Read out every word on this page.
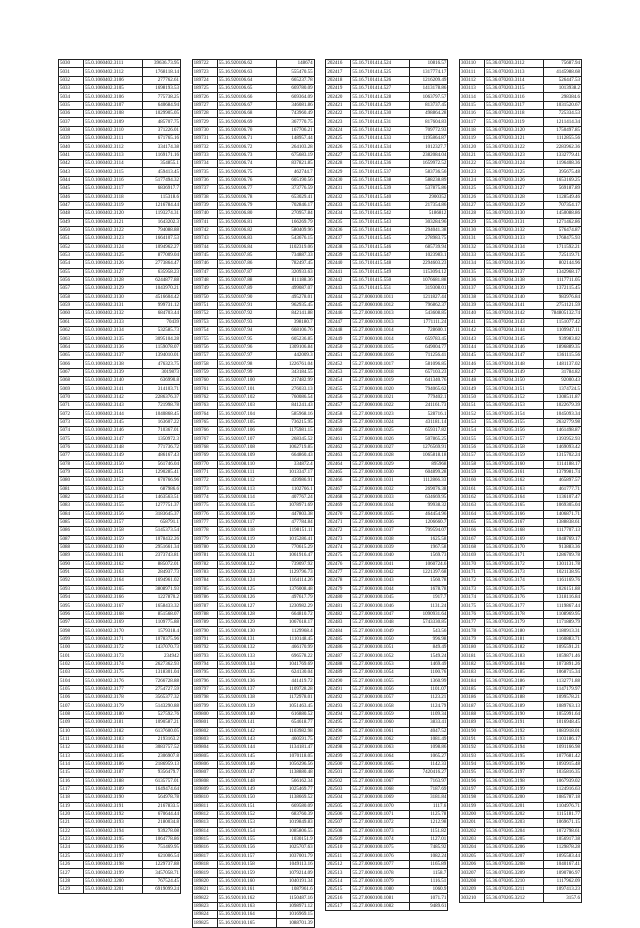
5030	55.0.1060402.3111	39636.73.95
5031	55.0.1060402.3112	1768118.14
5032	55.0.1060402.3106	277762.61
5033	55.0.1060402.3105	1698193.53
5034	55.0.1060402.3106	775738.25
5035	55.0.1060402.3107	640684.94
5036	55.0.1060402.3108	1029905.05
5037	55.0.1060402.3109	485707.75
5038	55.0.1060402.3110	371226.01
5039	55.0.1060402.3111	671765.16
5040	55.0.1060402.3112	334174.38
5041	55.0.1060402.3113	1169171.16
5042	55.0.1060402.3114	354855.1
5043	55.0.1060402.3115	459413.45
5044	55.0.1060402.3116	5177494.32
5045	55.0.1060402.3117	6836917.7
5046	55.0.1060402.3118	115318.6
5047	55.0.1060402.3119	1216784.44
5048	55.0.1060402.3120	1193274.31
5049	55.0.1060402.3121	1643202.3
5050	55.0.1060402.3122	794088.88
5051	55.0.1060402.3123	1664107.53
5052	55.0.1060402.3124	1094962.27
5053	55.0.1060402.3125	877009.04
5054	55.0.1060402.3126	2773864.47
5055	55.0.1060402.3127	635958.23
5056	55.0.1060402.3128	6244877.88
5057	55.0.1060402.3129	1043970.21
5058	55.0.1060402.3130	4516604.42
5059	55.0.1060402.3131	999731.12
5060	55.0.1060402.3132	684703.44
5061	55.0.1060402.3133	70439
5062	55.0.1060402.3134	532585.73
5063	55.0.1060402.3135	3095104.28
5064	55.0.1060402.3136	1159078.07
5065	55.0.1060402.3137	1394010.01
5066	55.0.1060402.3138	476323.75
5067	55.0.1060402.3139	3019873
5068	55.0.1060402.3140	636990.8
5069	55.0.1060402.3141	314103.71
5070	55.0.1060402.3142	2286376.37
5071	55.0.1060402.3143	721998.78
5072	55.0.1060402.3144	1040868.45
5073	55.0.1060402.3145	163607.22
5074	55.0.1060402.3146	710367.01
5075	55.0.1060402.3147	1350972.3
5076	55.0.1060402.3148	771736.72
5077	55.0.1060402.3149	486167.43
5078	55.0.1060402.3150	561746.04
5079	55.0.1060402.3151	1290285.41
5080	55.0.1060402.3152	670766.96
5081	55.0.1060402.3153	687986.6
5082	55.0.1060402.3154	1463563.51
5083	55.0.1060402.3155	1277751.37
5084	55.0.1060402.3156	3183645.37
5085	55.0.1060402.3157	658791.1
5086	55.0.1060402.3158	5145373.54
5087	55.0.1060402.3159	1078432.26
5088	55.0.1060402.3160	2951661.34
5089	55.0.1060402.3161	2373743.81
5090	55.0.1060402.3162	885072.01
5091	55.0.1060402.3163	284937.73
5092	55.0.1060402.3164	1694961.02
5093	55.0.1060402.3165	3808971.93
5094	55.0.1060402.3166	1227870.2
5095	55.0.1060402.3167	1658433.32
5096	55.0.1060402.3168	851568.07
5097	55.0.1060402.3169	1109775.88
5098	55.0.1060402.3170	1579318.4
5099	55.0.1060402.3171	1078375.96
5100	55.0.1060402.3172	1437070.73
5101	55.0.1060402.3173	234942
5102	55.0.1060402.3174	2627362.93
5103	55.0.1060402.3175	1318301.04
5104	55.0.1060402.3176	7266728.88
5105	55.0.1060402.3177	2754727.59
5106	55.0.1060402.3178	3565377.32
5107	55.0.1060402.3179	5143290.88
5108	55.0.1060402.3180	527592.76
5109	55.0.1060402.3181	1090587.21
5110	55.0.1060402.3182	6137600.05
5111	55.0.1060402.3183	2193163.2
5112	55.0.1060402.3184	3083757.52
5113	55.0.1060402.3185	2306907.8
5114	55.0.1060402.3186	2186959.13
5115	55.0.1060402.3187	9356479.7
5116	55.0.1060402.3188	6135757.01
5117	55.0.1060402.3189	1649474.64
5118	55.0.1060402.3190	564978.78
5119	55.0.1060402.3191	2167833.5
5120	55.0.1060402.3192	670644.44
5121	55.0.1060402.3193	2180034.8
5122	55.0.1060402.3194	939278.08
5123	55.0.1060402.3195	1064778.86
5124	55.0.1060402.3196	751469.95
5125	55.0.1060402.3197	621006.54
5126	55.0.1060402.3198	1229737.88
5127	55.0.1060402.3199	3457058.71
5128	55.0.1060402.3200	767524.45
5129	55.0.1060402.3201	6919099.24
189722	55.16.920106.62	148674
189723	55.16.920106.63	555470.55
189724	55.16.920106.64	665237.78
189725	55.16.920106.65	669780.09
189726	55.16.920106.66	669364.09
189727	55.16.920106.67	346081.86
189728	55.16.920106.68	743960.49
189729	55.16.920106.69	367770.75
189730	55.16.920106.70	167706.21
189731	55.16.920106.71	148957.44
189732	55.16.920106.72	264103.28
189733	55.16.920106.73	675683.19
189734	55.16.920106.74	837821.85
189735	55.16.920106.75	462744.7
189736	55.16.920106.76	605190.56
189737	55.16.920106.77	373776.59
189738	55.16.920106.78	653029.41
189739	55.16.920106.79	702846.17
189740	55.16.920106.80	270957.84
189741	55.16.920106.81	166269.79
189742	55.16.920106.82	580409.96
189743	55.16.920106.83	543676.15
189744	55.16.920106.84	1102319.06
189745	55.16.920107.85	734887.33
189746	55.16.920107.86	782497.45
189747	55.16.920107.87	320933.63
189748	55.16.920107.88	811188.36
189749	55.16.920107.89	499087.07
189750	55.16.920107.90	495278.01
189751	55.16.920107.91	962935.45
189752	55.16.920107.92	842141.88
189753	55.16.920107.93	398180.7
189754	55.16.920107.94	668106.76
189755	55.16.920107.95	605236.85
189756	55.16.920107.96	1309106.84
189757	55.16.920107.97	442009.3
189758	55.16.920107.98	1226761.04
189759	55.16.920107.99	343184.55
189760	55.16.920107.100	217482.99
189761	55.16.920107.101	276033.13
189762	55.16.920107.102	760086.54
189763	55.16.920107.103	841241.43
189764	55.16.920107.104	585968.16
189765	55.16.920107.105	736215.95
189766	55.16.920107.106	1175981.15
189767	55.16.920107.107	268345.52
189768	55.16.920107.108	1062719.85
189769	55.16.920108.109	664860.43
189770	55.16.920108.110	334872.4
189771	55.16.920108.111	1013347.17
189772	55.16.920108.112	439986.91
189773	55.16.920108.113	1102766.1
189774	55.16.920108.114	407767.24
189775	55.16.920108.115	1078971.69
189776	55.16.920108.116	447803.38
189777	55.16.920108.117	477784.84
189778	55.16.920108.118	1198151.11
189779	55.16.920108.119	1015286.41
189780	55.16.920108.120	770615.29
189781	55.16.920108.121	1061916.47
189782	55.16.920108.122	739097.92
189783	55.16.920108.123	1129796.73
189784	55.16.920108.124	1164114.26
189785	55.16.920108.125	1376008.48
189786	55.16.920108.126	497617.79
189787	55.16.920108.127	1230982.29
189788	55.16.920108.128	664810.72
189789	55.16.920108.129	1067618.17
189790	55.16.920108.130	1129968.4
189791	55.16.920108.131	1110148.45
189792	55.16.920108.132	466170.99
189793	55.16.920109.133	696578.22
189794	55.16.920109.134	1041769.69
189795	55.16.920109.135	624130.04
189796	55.16.920109.136	441419.72
189797	55.16.920109.137	1109728.28
189798	55.16.920109.138	1172978.01
189799	55.16.920109.139	1051463.45
189800	55.16.920109.140	616880.52
189801	55.16.920109.141	654618.77
189802	55.16.920109.142	1103982.98
189803	55.16.920109.143	460591.75
189804	55.16.920109.144	1134181.47
189805	55.16.920109.145	1070118.05
189806	55.16.920109.146	1056296.56
189807	55.16.920109.147	1138880.48
189808	55.16.920109.148	566162.34
189809	55.16.920109.149	1025469.77
189810	55.16.920109.150	1138669.52
189811	55.16.920109.151	669580.09
189812	55.16.920109.152	683760.39
189813	55.16.920109.153	1019849.83
189814	55.16.920109.154	1085806.55
189815	55.16.920109.155	1030151.9
189816	55.16.920109.156	1025707.63
189817	55.16.920110.157	1037001.79
189818	55.16.920110.158	1049113.16
189819	55.16.920110.159	1079214.09
189820	55.16.920110.160	1040191.34
189821	55.16.920110.161	1087961.6
189822	55.16.920110.162	1150487.16
189823	55.16.920110.163	1098971.12
189824	55.16.920110.164	1016969.15
189825	55.16.920110.165	1088701.39
202416	55.16.7101414.524	10816.57
202417	55.16.7101414.525	1317774.17
202418	55.16.7101414.526	1216209.49
202419	55.16.7101414.527	1413178.86
202420	55.16.7101414.528	1063797.57
202421	55.16.7101414.529	813737.45
202422	55.16.7101414.530	498864.28
202423	55.16.7101414.531	817604.83
202424	55.16.7101414.532	709772.93
202425	55.16.7101414.533	1195864.87
202426	55.16.7101414.534	1012327.7
202427	55.16.7101414.535	2382084.04
202428	55.16.7101414.536	1659972.52
202429	55.16.7101415.537	583736.56
202430	55.16.7101415.538	588238.89
202431	55.16.7101415.539	537875.86
202432	55.16.7101415.540	2900352
202433	55.16.7101415.541	217354.86
202434	55.16.7101415.542	5186812
202435	55.16.7101415.543	303284.96
202436	55.16.7101415.544	294041.38
202437	55.16.7101415.545	278983.75
202438	55.16.7101415.546	685739.94
202439	55.16.7101415.547	1023983.1
202440	55.16.7101415.548	2294603.23
202441	55.16.7101415.549	1153094.12
202442	55.16.7101415.550	1076681.88
202443	55.16.7101415.551	319308.01
202444	55.27.0060100.1011	1211827.44
202445	55.27.0060100.1012	796862.37
202446	55.27.0060100.1013	543608.85
202447	55.27.0060100.1013	1771111.24
202448	55.27.0060100.1014	728600.1
202449	55.27.0060100.1014	659783.45
202450	55.27.0060100.1015	649004.77
202451	55.27.0060100.1016	711256.41
202452	55.27.0060100.1017	581096.85
202453	55.27.0060100.1018	657103.23
202454	55.27.0060100.1019	641340.76
202455	55.27.0060100.1020	794065.62
202456	55.27.0060100.1021	779402.1
202457	55.27.0060100.1022	241161.73
202458	55.27.0060100.1023	528716.1
202459	55.27.0060100.1024	431181.14
202460	55.27.0060100.1025	659317.82
202461	55.27.0060100.1026	507865.25
202462	55.27.0060100.1027	1276569.91
202463	55.27.0060100.1028	1065818.18
202464	55.27.0060100.1029	895968
202465	55.27.0060100.1030	604899.28
202466	55.27.0060100.1031	1112866.33
202467	55.27.0060100.1032	269076.38
202468	55.27.0060100.1033	634669.95
202469	55.27.0060100.1034	99938.32
202470	55.27.0060100.1035	464454.96
202471	55.27.0060100.1036	1206660.7
202472	55.27.0060100.1037	799594.07
202473	55.27.0060100.1038	1625.58
202474	55.27.0060100.1039	1967.58
202475	55.27.0060100.1040	1569.73
202476	55.27.0060100.1041	1060724.6
202477	55.27.0060100.1042	1221397.68
202478	55.27.0060100.1043	1560.78
202479	55.27.0060100.1044	1678.78
202480	55.27.0060100.1045	1917.7
202481	55.27.0060100.1046	1131.24
202482	55.27.0060100.1047	1090931.64
202483	55.27.0060100.1048	5743330.85
202484	55.27.0060100.1049	543.56
202485	55.27.0060100.1050	996.98
202486	55.27.0060100.1051	849.49
202487	55.27.0060100.1052	1549.24
202488	55.27.0060100.1053	1469.49
202489	55.27.0060100.1054	1100.76
202490	55.27.0060100.1055	1360.99
202491	55.27.0060100.1056	1101.07
202492	55.27.0060100.1057	1123.21
202493	55.27.0060100.1058	1124.79
202494	55.27.0060100.1059	1109.34
202495	55.27.0060100.1060	3833.41
202496	55.27.0060100.1061	4047.52
202497	55.27.0060100.1062	1081.49
202498	55.27.0060100.1063	1098.86
202499	55.27.0060100.1064	1065.27
202500	55.27.0060100.1065	1142.33
202501	55.27.0060100.1066	7420416.27
202502	55.27.0060100.1067	7163.97
202503	55.27.0060100.1068	7187.69
202504	55.27.0060100.1069	3181.84
202505	55.27.0060100.1070	1117.6
202506	55.27.0060100.1071	1125.78
202507	55.27.0060100.1072	1212.98
202508	55.27.0060100.1073	1151.82
202509	55.27.0060100.1074	1127.01
202510	55.27.0060100.1075	7485.92
202511	55.27.0060100.1076	1082.24
202512	55.27.0060100.1077	1165.89
202513	55.27.0060100.1078	1158.7
202514	55.27.0060100.1079	1116.51
202515	55.27.0060100.1080	1060.9
202516	55.27.0060100.1081	1071.71
202517	55.27.0060100.1082	9489.61
303110	55.36.070203.3112	75687.94
303111	55.36.070203.3113	4145988.68
303112	55.36.070203.3114	526447.53
303113	55.36.070203.3115	1013938.2
303114	55.36.070203.3116	298384.6
303115	55.36.070203.3117	1031520.67
303116	55.36.070203.3118	725334.53
303117	55.36.070203.3119	1211414.34
303118	55.36.070203.3120	1750497.85
303119	55.36.070203.3121	1112855.56
303120	55.36.070203.3122	2283962.36
303121	55.36.070203.3123	1332779.41
303122	55.36.070203.3124	1196408.36
303123	55.36.070203.3125	395675.48
303124	55.36.070203.3126	1653169.25
303125	55.36.070203.3127	569187.89
303126	55.36.070203.3128	1128549.46
303127	55.36.070203.3129	707354.17
303128	55.36.070203.3130	1450088.86
303129	55.36.070203.3131	1271462.86
303130	55.36.070203.3132	576474.87
303131	55.36.070203.3133	1768475.93
303132	55.36.070204.3134	1711592.21
303133	55.36.070204.3135	725119.71
303134	55.36.070204.3136	802144.96
303135	55.36.070204.3137	1342968.17
303136	55.36.070204.3138	1117711.05
303137	55.36.070204.3139	1372115.45
303138	55.36.070204.3140	983976.84
303139	55.36.070204.3141	2751121.59
303140	55.36.070204.3142	784805132.74
303141	55.36.070204.3143	1151077.42
303142	55.36.070204.3144	1109947.11
303143	55.36.070204.3145	939983.82
303144	55.36.070204.3146	1896889.35
303145	55.36.070204.3147	1361115.56
303146	55.36.070204.3148	1481137.02
303147	55.36.070204.3149	31784.82
303148	55.36.070204.3150	92000.43
303149	55.36.070204.3151	1374724.5
303150	55.36.070205.3152	1308511.87
303151	55.36.070205.3153	1022679.39
303152	55.36.070205.3154	1045093.34
303153	55.36.070205.3155	2632779.98
303154	55.36.070205.3156	1461498.87
303155	55.36.070205.3157	1393952.93
303156	55.36.070205.3158	1469093.42
303157	55.36.070205.3159	1315702.24
303158	55.36.070205.3160	1114188.17
303159	55.36.070205.3161	1379981.74
303160	55.36.070205.3162	465897.57
303161	55.36.070205.3163	461777.71
303162	55.36.070205.3164	1136107.47
303163	55.36.070205.3165	1069305.04
303164	55.36.070205.3166	1406871.71
303165	55.36.070205.3167	1388838.61
303166	55.36.070205.3168	1117707.13
303167	55.36.070205.3169	1048769.17
303168	55.36.070205.3170	913883.36
303169	55.36.070205.3171	1286709.78
303170	55.36.070205.3172	1301131.78
303171	55.36.070205.3173	1021138.95
303172	55.36.070205.3174	1161169.76
303173	55.36.070205.3175	1026151.88
303174	55.36.070205.3176	1318116.84
303175	55.36.070205.3177	1119867.44
303176	55.36.070205.3178	1108969.95
303177	55.36.070205.3179	1171889.79
303178	55.36.070205.3180	1180913.31
303179	55.36.070205.3181	1160883.71
303180	55.36.070205.3182	1095591.21
303181	55.36.070205.3183	1059871.46
303182	55.36.070205.3184	1073891.26
303183	55.36.070205.3185	1068715.34
303184	55.36.070205.3186	1132771.88
303185	55.36.070205.3187	1147179.97
303186	55.36.070205.3188	1099578.21
303187	55.36.070205.3189	1089763.13
303188	55.36.070205.3190	1055991.64
303189	55.36.070205.3191	1016948.45
303190	55.36.070205.3192	1083918.01
303191	55.36.070205.3193	1103186.17
303192	55.36.070205.3194	1091166.98
303193	55.36.070205.3195	1077681.42
303194	55.36.070205.3196	1093915.48
303195	55.36.070205.3197	1035816.35
303196	55.36.070205.3198	1067939.02
303197	55.36.070205.3199	1124916.63
303198	55.36.070205.3200	1085787.18
303199	55.36.070205.3201	1104976.71
303200	55.36.070205.3202	1115181.77
303201	55.36.070205.3203	1069671.15
303202	55.36.070205.3204	1072798.61
303203	55.36.070205.3205	1056917.38
303204	55.36.070205.3206	1129878.28
303205	55.36.070205.3207	1095583.44
303206	55.36.070205.3208	1040167.41
303207	55.36.070205.3209	1090786.97
303208	55.36.070205.3210	1117962.09
303209	55.36.070205.3211	1097413.23
303210	55.36.070205.3212	3157.6
